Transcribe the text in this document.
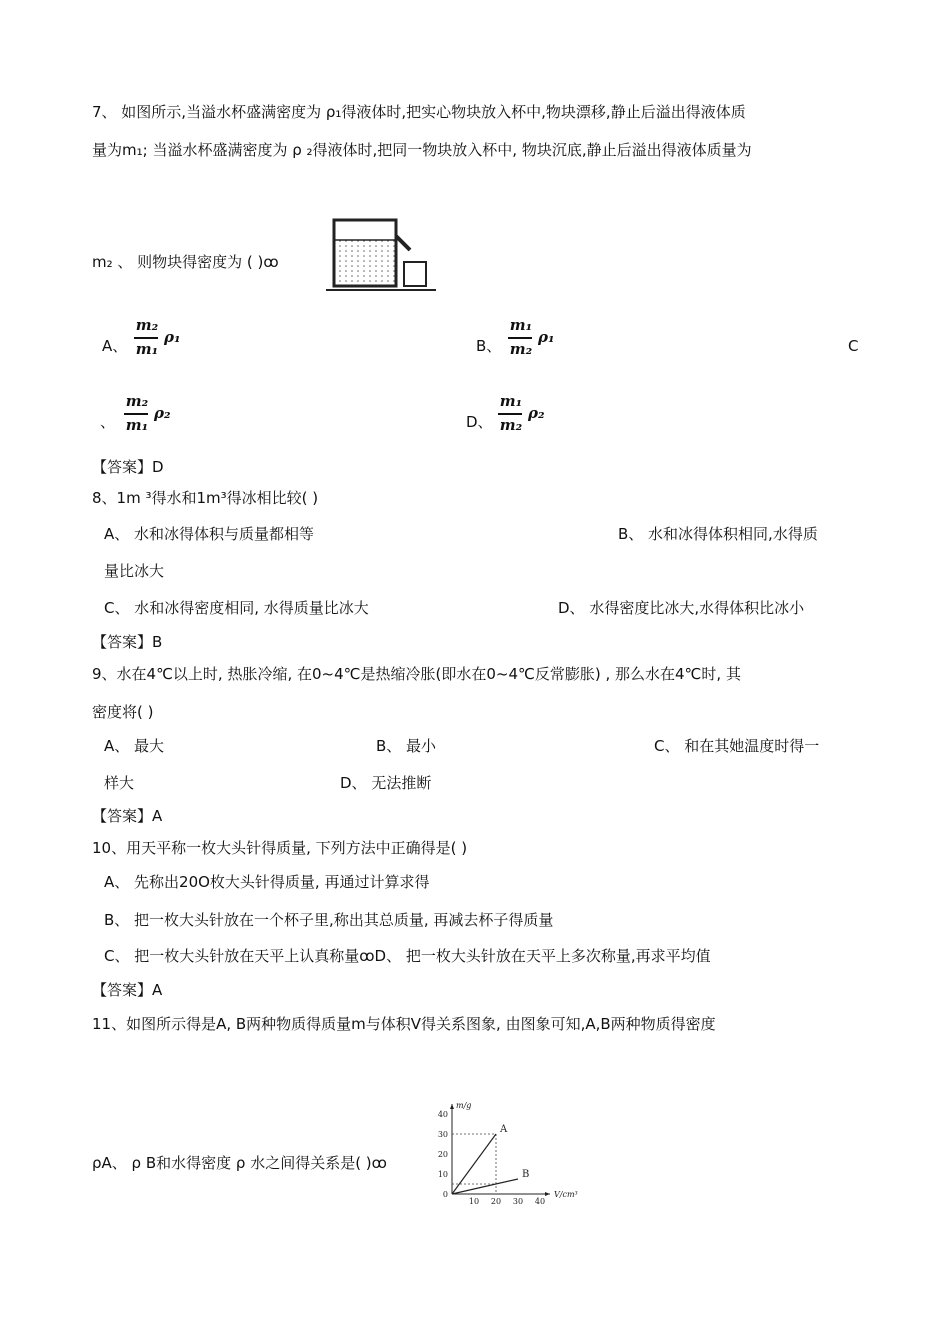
7、 如图所示,当溢水杯盛满密度为 ρ₁得液体时,把实心物块放入杯中,物块漂移,静止后溢出得液体质
量为m₁; 当溢水杯盛满密度为 ρ ₂得液体时,把同一物块放入杯中, 物块沉底,静止后溢出得液体质量为
m₂ 、 则物块得密度为 ( )ꝏ
A、
m₂
m₁
ρ₁	B、
m₁
m₂
ρ₁	C
、
m₂
m₁
ρ₂	D、
m₁
m₂
ρ₂
【答案】D
8、1m ³得水和1m³得冰相比较( )
A、 水和冰得体积与质量都相等	B、 水和冰得体积相同,水得质
量比冰大
C、 水和冰得密度相同, 水得质量比冰大	D、 水得密度比冰大,水得体积比冰小
【答案】B
9、水在4℃以上时, 热胀冷缩, 在0~4℃是热缩冷胀(即水在0~4℃反常膨胀) , 那么水在4℃时, 其
密度将( )
A、 最大	B、 最小	C、 和在其她温度时得一
样大	D、 无法推断
【答案】A
10、用天平称一枚大头针得质量, 下列方法中正确得是( )
A、 先称出20O枚大头针得质量, 再通过计算求得
B、 把一枚大头针放在一个杯子里,称出其总质量, 再减去杯子得质量
C、 把一枚大头针放在天平上认真称量ꝏD、 把一枚大头针放在天平上多次称量,再求平均值
【答案】A
11、如图所示得是A, B两种物质得质量m与体积V得关系图象, 由图象可知,A,B两种物质得密度
ρA、 ρ B和水得密度 ρ 水之间得关系是( )ꝏ
0
10
20
30
40
10 20 30 40
m/g
V/cm³
A
B
